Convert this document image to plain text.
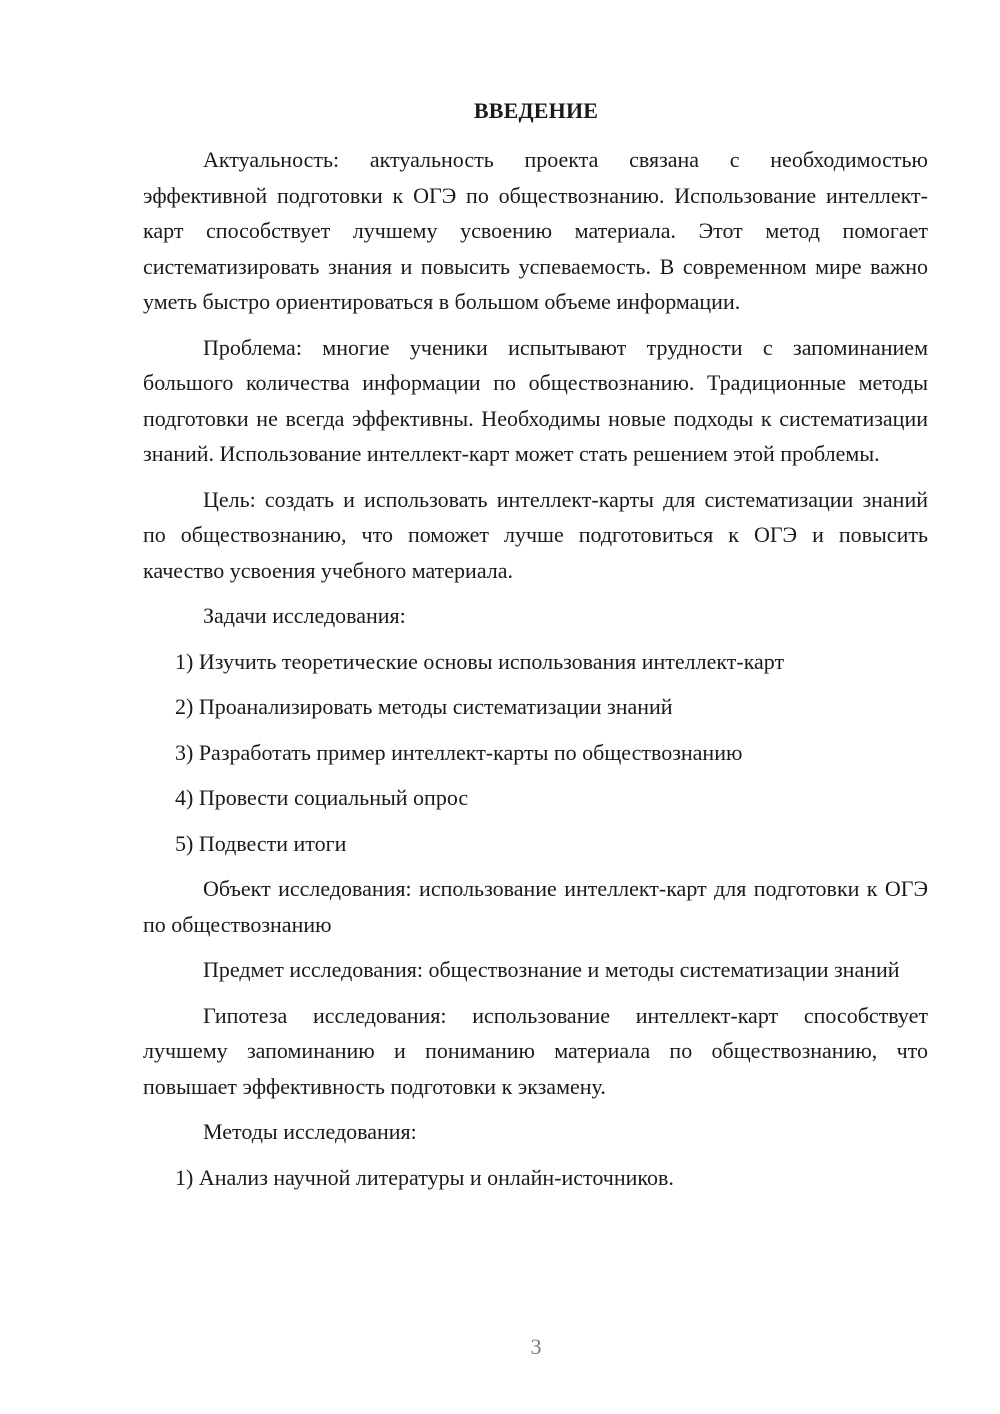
ВВЕДЕНИЕ

Актуальность: актуальность проекта связана с необходимостью эффективной подготовки к ОГЭ по обществознанию. Использование интеллект-карт способствует лучшему усвоению материала. Этот метод помогает систематизировать знания и повысить успеваемость. В современном мире важно уметь быстро ориентироваться в большом объеме информации.

Проблема: многие ученики испытывают трудности с запоминанием большого количества информации по обществознанию. Традиционные методы подготовки не всегда эффективны. Необходимы новые подходы к систематизации знаний. Использование интеллект-карт может стать решением этой проблемы.

Цель: создать и использовать интеллект-карты для систематизации знаний по обществознанию, что поможет лучше подготовиться к ОГЭ и повысить качество усвоения учебного материала.

Задачи исследования:

1) Изучить теоретические основы использования интеллект-карт
2) Проанализировать методы систематизации знаний
3) Разработать пример интеллект-карты по обществознанию
4) Провести социальный опрос
5) Подвести итоги

Объект исследования: использование интеллект-карт для подготовки к ОГЭ по обществознанию

Предмет исследования: обществознание и методы систематизации знаний

Гипотеза исследования: использование интеллект-карт способствует лучшему запоминанию и пониманию материала по обществознанию, что повышает эффективность подготовки к экзамену.

Методы исследования:

1) Анализ научной литературы и онлайн-источников.
3
